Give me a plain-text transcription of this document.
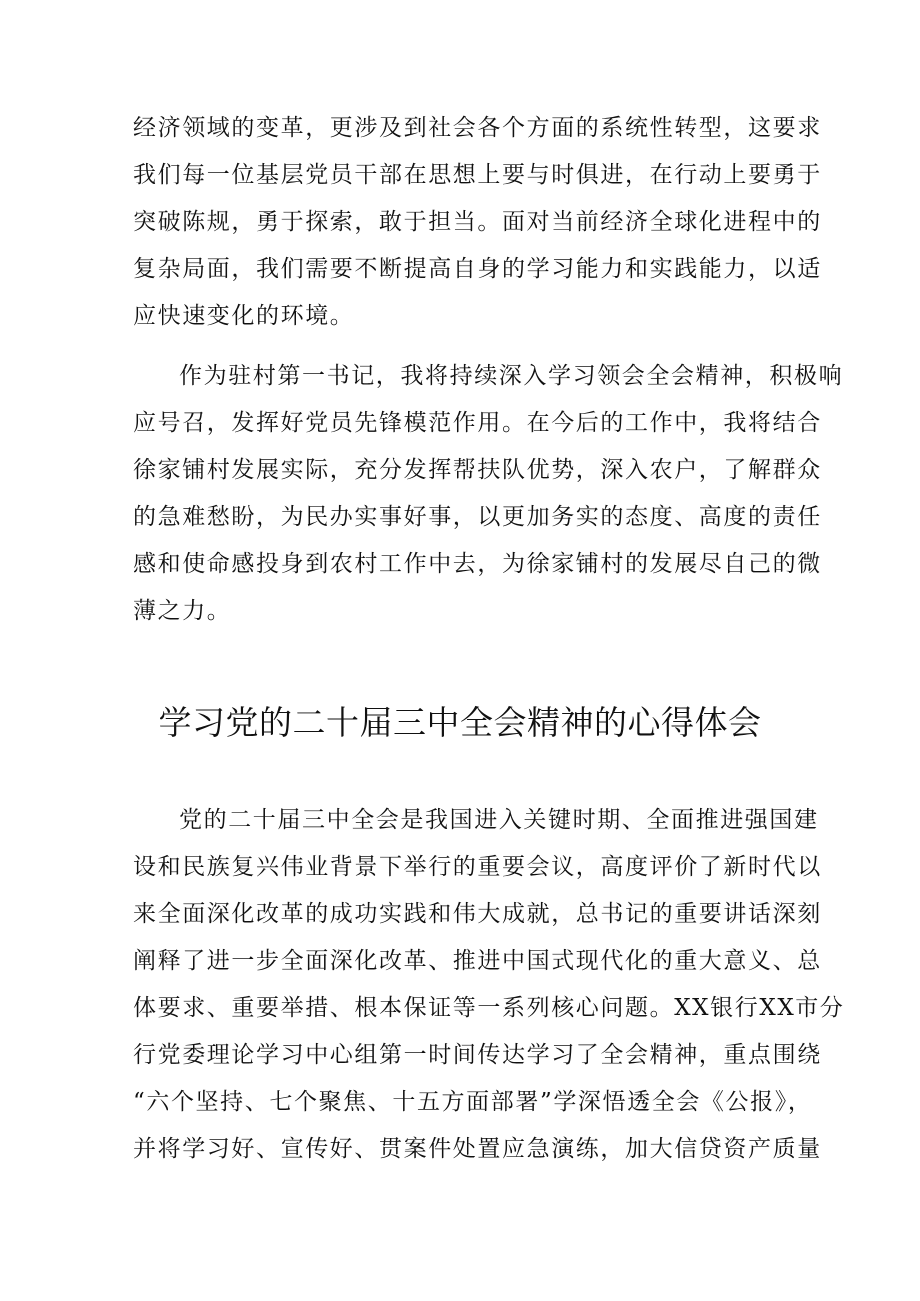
经济领域的变革，更涉及到社会各个方面的系统性转型，这要求
我们每一位基层党员干部在思想上要与时俱进，在行动上要勇于
突破陈规，勇于探索，敢于担当。面对当前经济全球化进程中的
复杂局面，我们需要不断提高自身的学习能力和实践能力，以适
应快速变化的环境。
作为驻村第一书记，我将持续深入学习领会全会精神，积极响
应号召，发挥好党员先锋模范作用。在今后的工作中，我将结合
徐家铺村发展实际，充分发挥帮扶队优势，深入农户，了解群众
的急难愁盼，为民办实事好事，以更加务实的态度、高度的责任
感和使命感投身到农村工作中去，为徐家铺村的发展尽自己的微
薄之力。
学习党的二十届三中全会精神的心得体会
党的二十届三中全会是我国进入关键时期、全面推进强国建
设和民族复兴伟业背景下举行的重要会议，高度评价了新时代以
来全面深化改革的成功实践和伟大成就，总书记的重要讲话深刻
阐释了进一步全面深化改革、推进中国式现代化的重大意义、总
体要求、重要举措、根本保证等一系列核心问题。XX银行XX市分
行党委理论学习中心组第一时间传达学习了全会精神，重点围绕
“六个坚持、七个聚焦、十五方面部署”学深悟透全会《公报》，
并将学习好、宣传好、贯案件处置应急演练，加大信贷资产质量
